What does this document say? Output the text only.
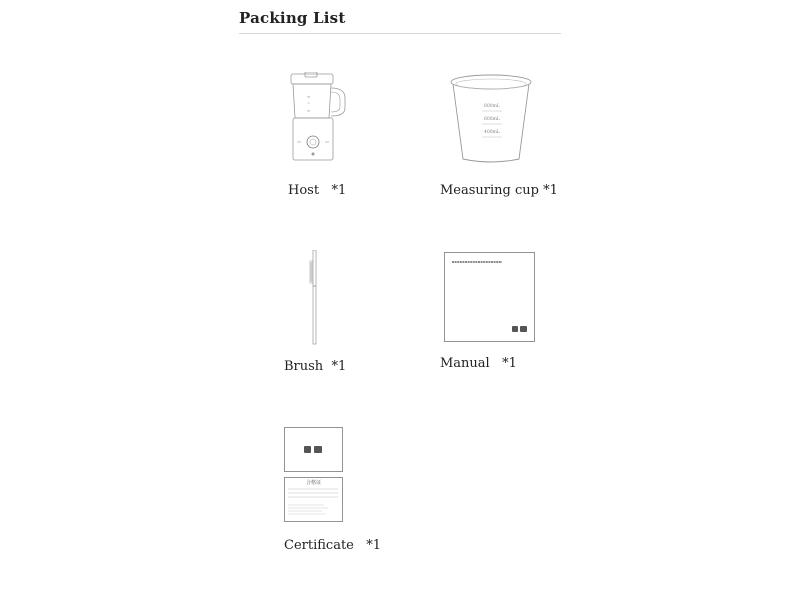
Packing List
≈
^
≈
Host   *1
800mL
600mL
400mL
Measuring cup *1
Brush  *1	Manual   *1
合格证
Certificate   *1
